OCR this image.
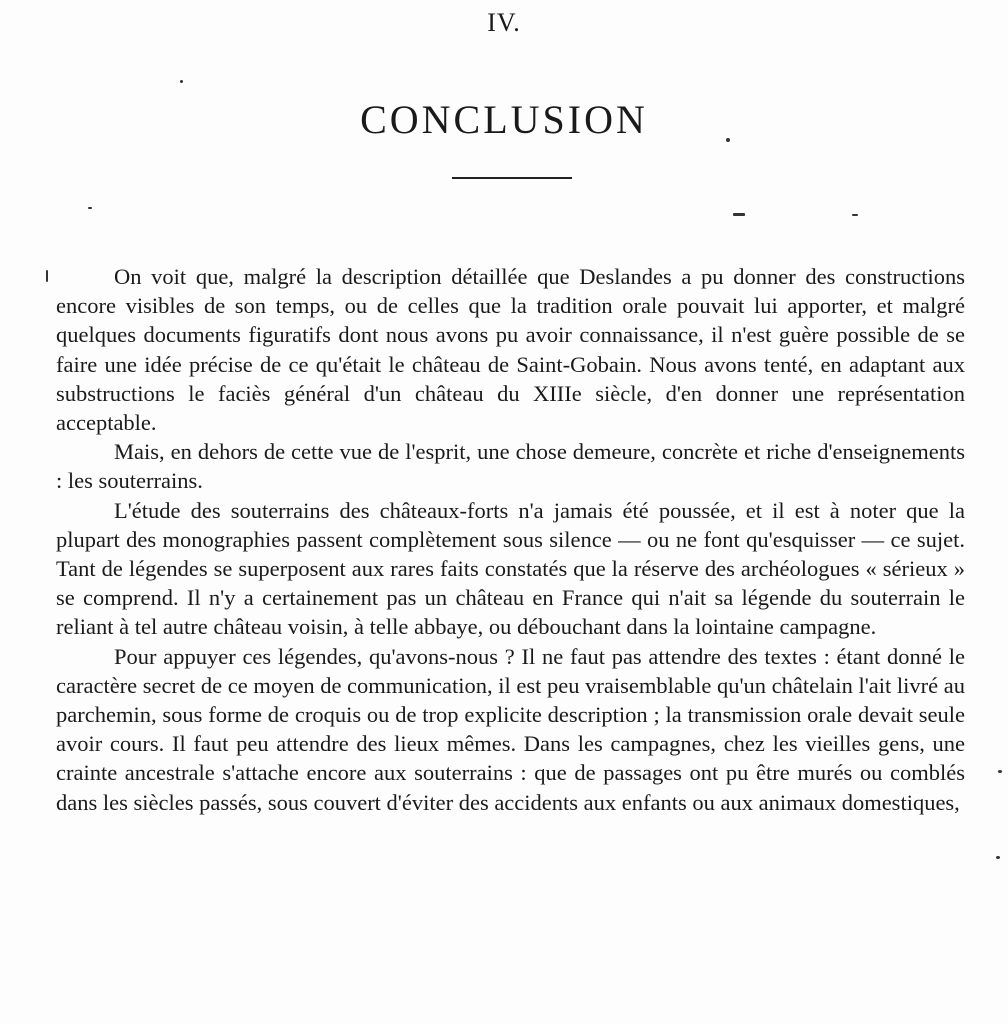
IV.
CONCLUSION

On voit que, malgré la description détaillée que Deslandes a pu donner des constructions encore visibles de son temps, ou de celles que la tradition orale pouvait lui apporter, et malgré quelques documents figuratifs dont nous avons pu avoir connaissance, il n'est guère possible de se faire une idée précise de ce qu'était le château de Saint-Gobain. Nous avons tenté, en adaptant aux substructions le faciès général d'un château du XIIIe siècle, d'en donner une représentation acceptable.

Mais, en dehors de cette vue de l'esprit, une chose demeure, concrète et riche d'enseignements : les souterrains.

L'étude des souterrains des châteaux-forts n'a jamais été poussée, et il est à noter que la plupart des monographies passent complètement sous silence — ou ne font qu'esquisser — ce sujet. Tant de légendes se superposent aux rares faits constatés que la réserve des archéologues « sérieux » se comprend. Il n'y a certainement pas un château en France qui n'ait sa légende du souterrain le reliant à tel autre château voisin, à telle abbaye, ou débouchant dans la lointaine campagne.

Pour appuyer ces légendes, qu'avons-nous ? Il ne faut pas attendre des textes : étant donné le caractère secret de ce moyen de communication, il est peu vraisemblable qu'un châtelain l'ait livré au parchemin, sous forme de croquis ou de trop explicite description ; la transmission orale devait seule avoir cours. Il faut peu attendre des lieux mêmes. Dans les campagnes, chez les vieilles gens, une crainte ancestrale s'attache encore aux souterrains : que de passages ont pu être murés ou comblés dans les siècles passés, sous couvert d'éviter des accidents aux enfants ou aux animaux domestiques,
